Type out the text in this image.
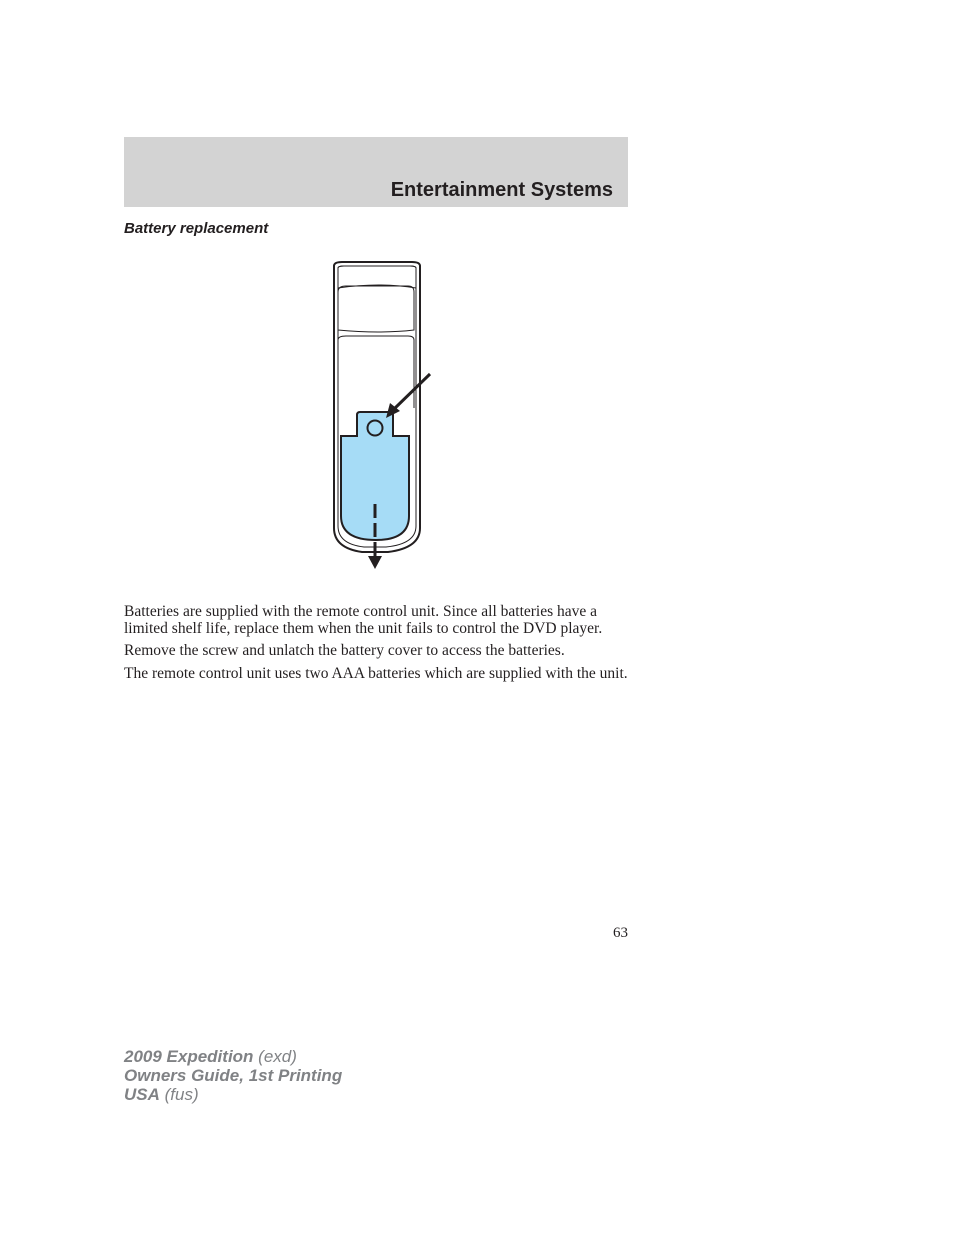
Entertainment Systems
Battery replacement

Batteries are supplied with the remote control unit. Since all batteries have a limited shelf life, replace them when the unit fails to control the DVD player.

Remove the screw and unlatch the battery cover to access the batteries.

The remote control unit uses two AAA batteries which are supplied with the unit.

63
2009 Expedition (exd)
Owners Guide, 1st Printing
USA (fus)
